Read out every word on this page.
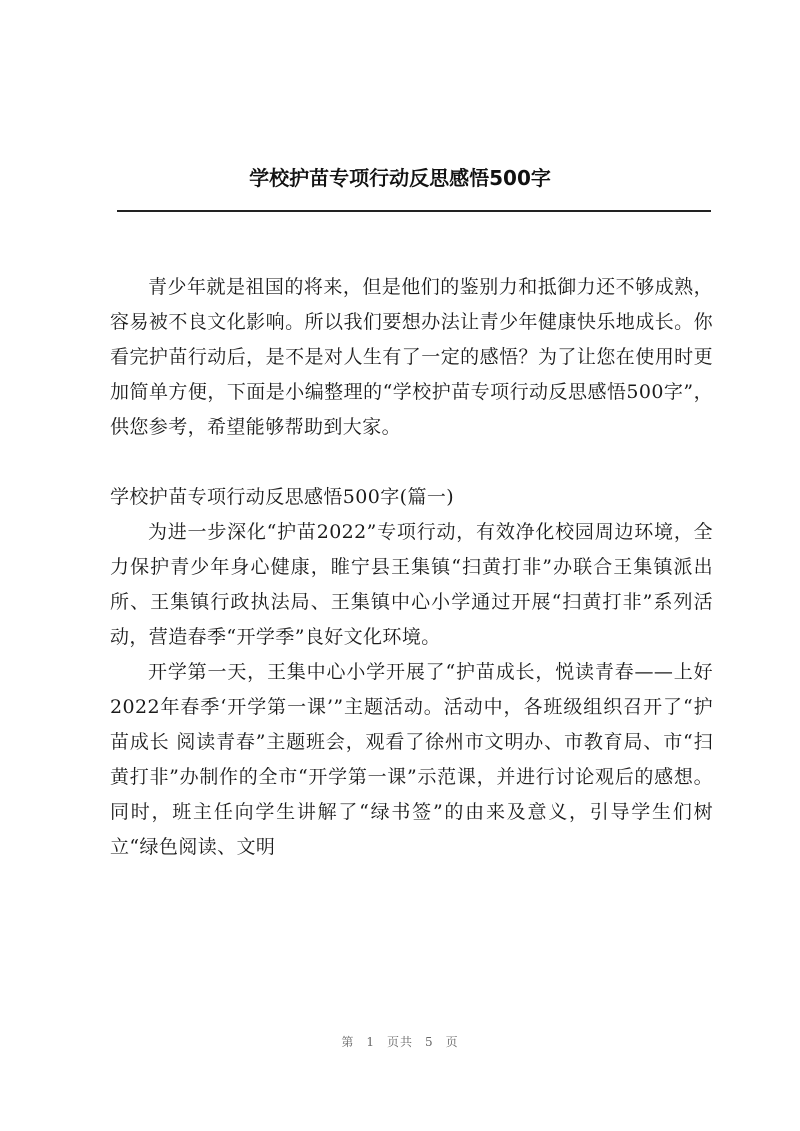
学校护苗专项行动反思感悟500字

青少年就是祖国的将来，但是他们的鉴别力和抵御力还不够成熟，容易被不良文化影响。所以我们要想办法让青少年健康快乐地成长。你看完护苗行动后，是不是对人生有了一定的感悟？为了让您在使用时更加简单方便，下面是小编整理的“学校护苗专项行动反思感悟500字”，供您参考，希望能够帮助到大家。

学校护苗专项行动反思感悟500字(篇一)

为进一步深化“护苗2022”专项行动，有效净化校园周边环境，全力保护青少年身心健康，睢宁县王集镇“扫黄打非”办联合王集镇派出所、王集镇行政执法局、王集镇中心小学通过开展“扫黄打非”系列活动，营造春季“开学季”良好文化环境。

开学第一天，王集中心小学开展了“护苗成长，悦读青春——上好2022年春季‘开学第一课’”主题活动。活动中，各班级组织召开了“护苗成长 阅读青春”主题班会，观看了徐州市文明办、市教育局、市“扫黄打非”办制作的全市“开学第一课”示范课，并进行讨论观后的感想。同时，班主任向学生讲解了“绿书签”的由来及意义，引导学生们树立“绿色阅读、文明

第 1 页共 5 页
